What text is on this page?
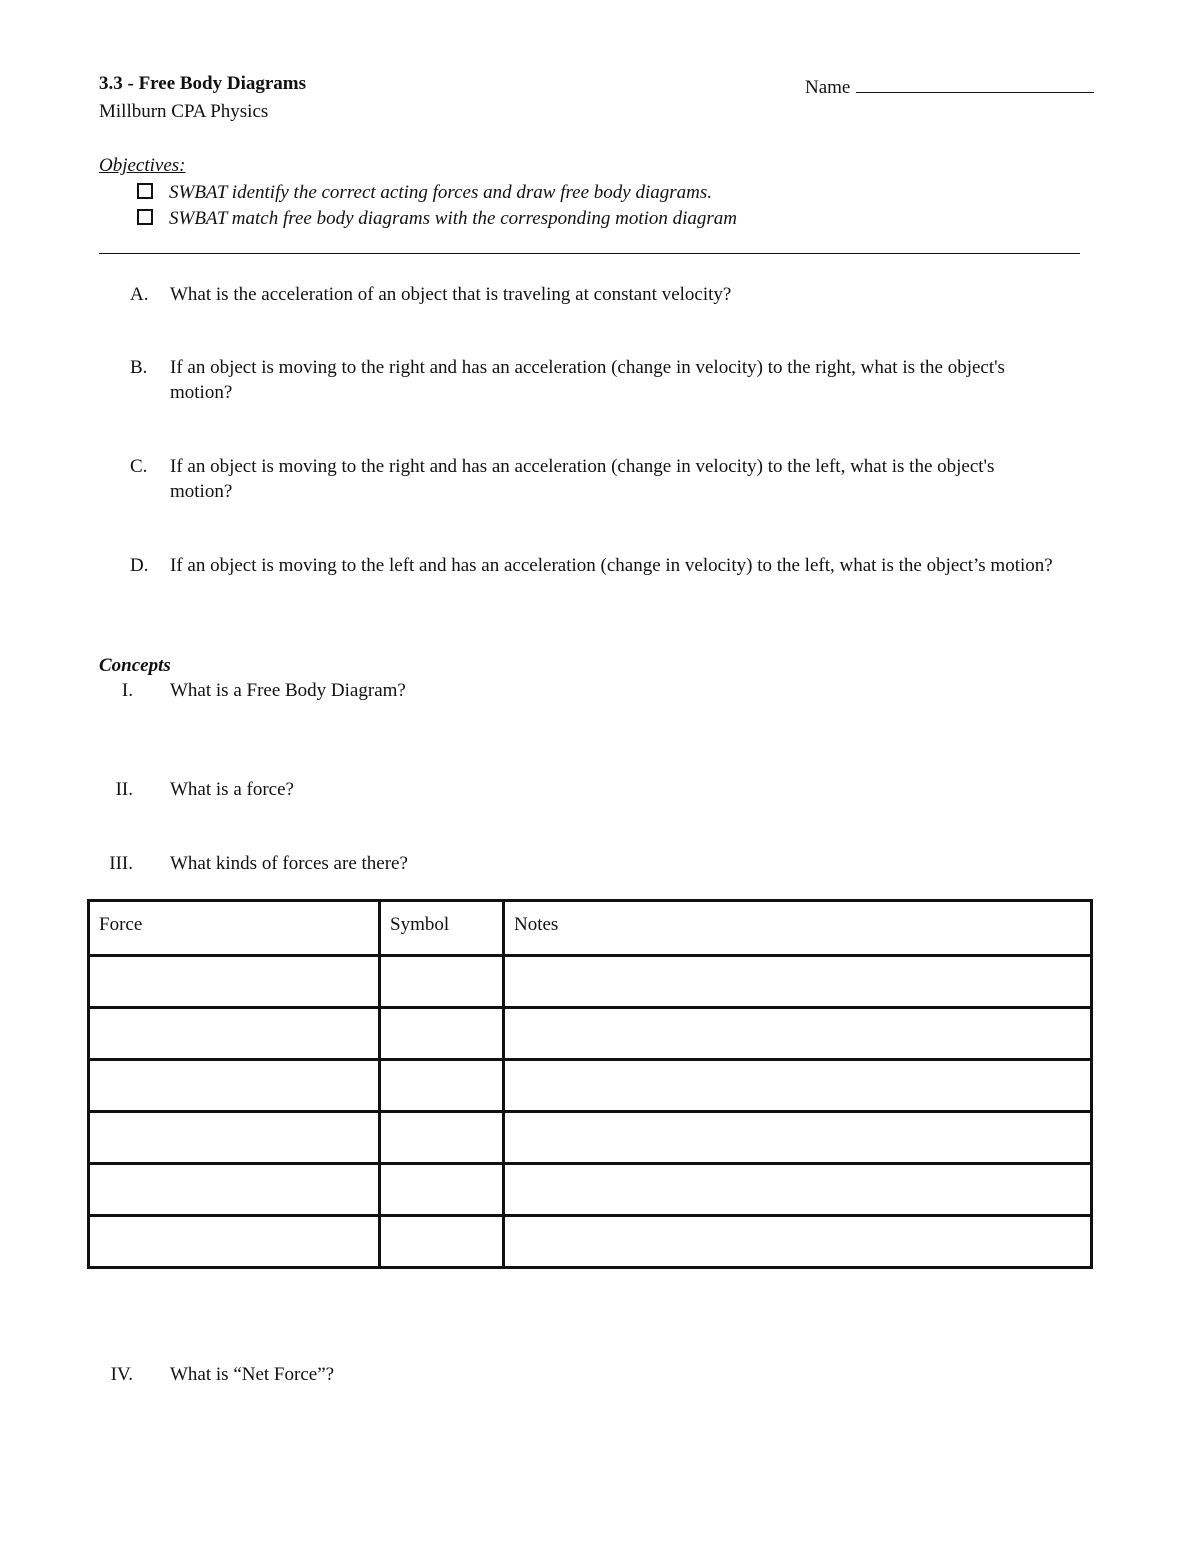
3.3 - Free Body Diagrams
Millburn CPA Physics
Name
Objectives:
SWBAT identify the correct acting forces and draw free body diagrams.
SWBAT match free body diagrams with the corresponding motion diagram
A.	What is the acceleration of an object that is traveling at constant velocity?
B.	If an object is moving to the right and has an acceleration (change in velocity) to the right, what is the object's motion?
C.	If an object is moving to the right and has an acceleration (change in velocity) to the left, what is the object's motion?
D.	If an object is moving to the left and has an acceleration (change in velocity) to the left, what is the object’s motion?
Concepts
I. What is a Free Body Diagram?
II. What is a force?
III. What kinds of forces are there?
Force	Symbol	Notes

IV. What is “Net Force”?
